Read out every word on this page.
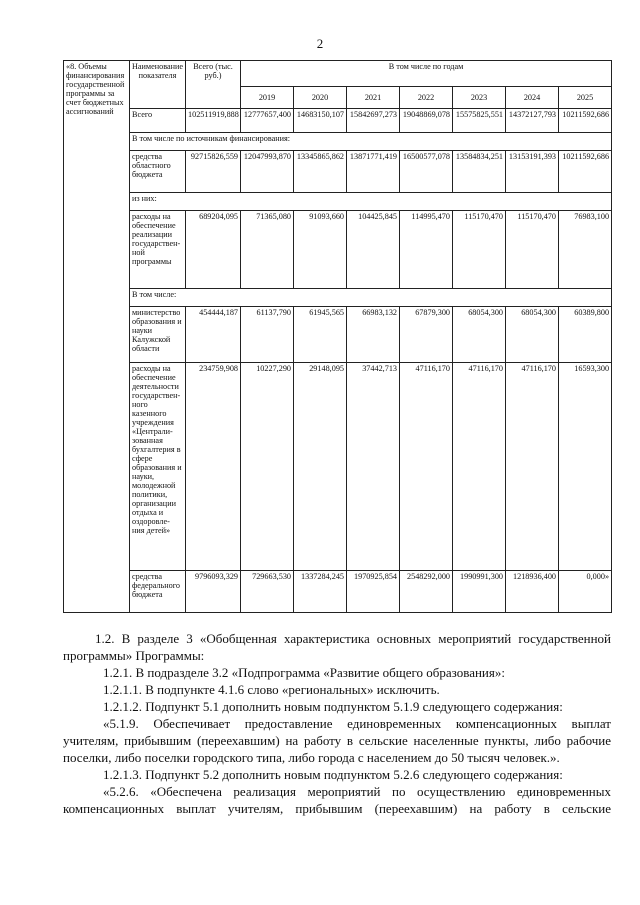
2
«8. Объемы финансирования государственной программы за счет бюджетных ассигнований	Наименование показателя	Всего (тыс. руб.)	В том числе по годам						
			2019	2020	2021	2022	2023	2024	2025
	Всего	102511919,888	12777657,400	14683150,107	15842697,273	19048869,078	15575825,551	14372127,793	10211592,686
	В том числе по источникам финансирования:								
	средства областного бюджета	92715826,559	12047993,870	13345865,862	13871771,419	16500577,078	13584834,251	13153191,393	10211592,686
	из них:								
	расходы на обеспечение реализации государствен- ной программы	689204,095	71365,080	91093,660	104425,845	114995,470	115170,470	115170,470	76983,100
	В том числе:								
	министерство образования и науки Калужской области	454444,187	61137,790	61945,565	66983,132	67879,300	68054,300	68054,300	60389,800
	расходы на обеспечение деятельности государствен- ного казенного учреждения «Централи- зованная бухгалтерия в сфере образования и науки, молодежной политики, организации отдыха и оздоровле- ния детей»	234759,908	10227,290	29148,095	37442,713	47116,170	47116,170	47116,170	16593,300
	средства федерального бюджета	9796093,329	729663,530	1337284,245	1970925,854	2548292,000	1990991,300	1218936,400	0,000»

1.2. В разделе 3 «Обобщенная характеристика основных мероприятий государственной программы» Программы:

1.2.1. В подразделе 3.2 «Подпрограмма «Развитие общего образования»:

1.2.1.1. В подпункте 4.1.6 слово «региональных» исключить.

1.2.1.2. Подпункт 5.1 дополнить новым подпунктом 5.1.9 следующего содержания:

«5.1.9. Обеспечивает предоставление единовременных компенсационных выплат учителям, прибывшим (переехавшим) на работу в сельские населенные пункты, либо рабочие поселки, либо поселки городского типа, либо города с населением до 50 тысяч человек.».

1.2.1.3. Подпункт 5.2 дополнить новым подпунктом 5.2.6 следующего содержания:

«5.2.6. «Обеспечена реализация мероприятий по осуществлению единовременных компенсационных выплат учителям, прибывшим (переехавшим) на работу в сельские
